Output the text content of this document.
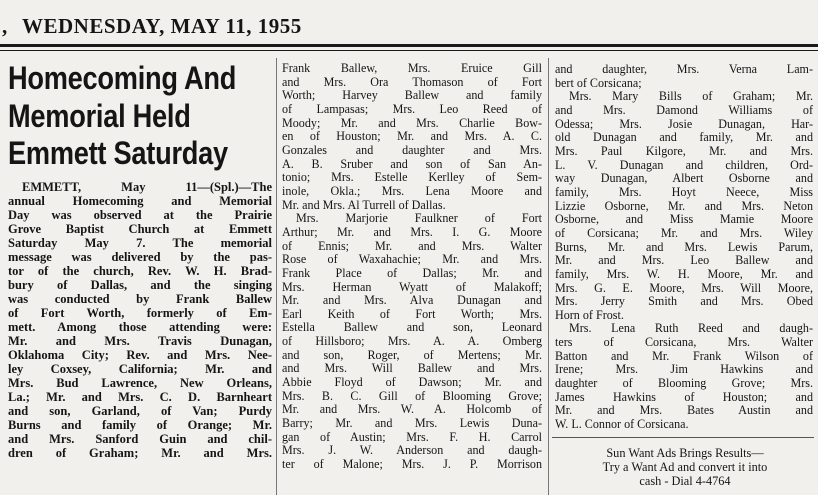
, WEDNESDAY, MAY 11, 1955
Homecoming And
Memorial Held
Emmett Saturday

EMMETT, May 11—(Spl.)—The

annual Homecoming and Memorial

Day was observed at the Prairie

Grove Baptist Church at Emmett

Saturday May 7. The memorial

message was delivered by the pas-

tor of the church, Rev. W. H. Brad-

bury of Dallas, and the singing

was conducted by Frank Ballew

of Fort Worth, formerly of Em-

mett. Among those attending were:

Mr. and Mrs. Travis Dunagan,

Oklahoma City; Rev. and Mrs. Nee-

ley Coxsey, California; Mr. and

Mrs. Bud Lawrence, New Orleans,

La.; Mr. and Mrs. C. D. Barnheart

and son, Garland, of Van; Purdy

Burns and family of Orange; Mr.

and Mrs. Sanford Guin and chil-

dren of Graham; Mr. and Mrs.

Frank Ballew, Mrs. Eruice Gill

and Mrs. Ora Thomason of Fort

Worth; Harvey Ballew and family

of Lampasas; Mrs. Leo Reed of

Moody; Mr. and Mrs. Charlie Bow-

en of Houston; Mr. and Mrs. A. C.

Gonzales and daughter and Mrs.

A. B. Sruber and son of San An-

tonio; Mrs. Estelle Kerlley of Sem-

inole, Okla.; Mrs. Lena Moore and

Mr. and Mrs. Al Turrell of Dallas.

Mrs. Marjorie Faulkner of Fort

Arthur; Mr. and Mrs. I. G. Moore

of Ennis; Mr. and Mrs. Walter

Rose of Waxahachie; Mr. and Mrs.

Frank Place of Dallas; Mr. and

Mrs. Herman Wyatt of Malakoff;

Mr. and Mrs. Alva Dunagan and

Earl Keith of Fort Worth; Mrs.

Estella Ballew and son, Leonard

of Hillsboro; Mrs. A. A. Omberg

and son, Roger, of Mertens; Mr.

and Mrs. Will Ballew and Mrs.

Abbie Floyd of Dawson; Mr. and

Mrs. B. C. Gill of Blooming Grove;

Mr. and Mrs. W. A. Holcomb of

Barry; Mr. and Mrs. Lewis Duna-

gan of Austin; Mrs. F. H. Carrol

Mrs. J. W. Anderson and daugh-

ter of Malone; Mrs. J. P. Morrison

and daughter, Mrs. Verna Lam-

bert of Corsicana;

Mrs. Mary Bills of Graham; Mr.

and Mrs. Damond Williams of

Odessa; Mrs. Josie Dunagan, Har-

old Dunagan and family, Mr. and

Mrs. Paul Kilgore, Mr. and Mrs.

L. V. Dunagan and children, Ord-

way Dunagan, Albert Osborne and

family, Mrs. Hoyt Neece, Miss

Lizzie Osborne, Mr. and Mrs. Neton

Osborne, and Miss Mamie Moore

of Corsicana; Mr. and Mrs. Wiley

Burns, Mr. and Mrs. Lewis Parum,

Mr. and Mrs. Leo Ballew and

family, Mrs. W. H. Moore, Mr. and

Mrs. G. E. Moore, Mrs. Will Moore,

Mrs. Jerry Smith and Mrs. Obed

Horn of Frost.

Mrs. Lena Ruth Reed and daugh-

ters of Corsicana, Mrs. Walter

Batton and Mr. Frank Wilson of

Irene; Mrs. Jim Hawkins and

daughter of Blooming Grove; Mrs.

James Hawkins of Houston; and

Mr. and Mrs. Bates Austin and

W. L. Connor of Corsicana.

Sun Want Ads Brings Results—
Try a Want Ad and convert it into
cash - Dial 4-4764
